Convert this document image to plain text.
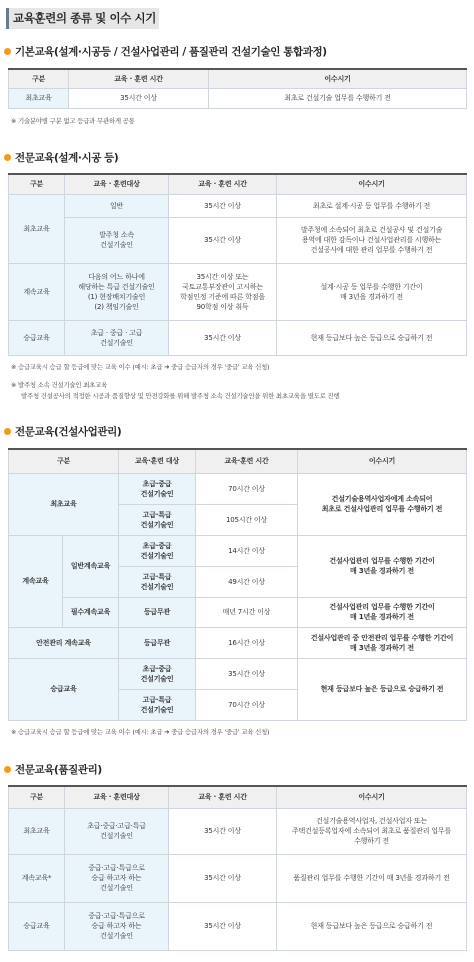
교육훈련의 종류 및 이수 시기
기본교육(설계·시공등 / 건설사업관리 / 품질관리 건설기술인 통합과정)
구분	교육 · 훈련 시간	이수시기
최초교육	35시간 이상	최초로 건설기술 업무를 수행하기 전
※ 기술분야별 구분 없고 등급과 무관하게 공통
전문교육(설계·시공 등)
구분	교육 · 훈련대상	교육 · 훈련 시간	이수시기
최초교육	일반	35시간 이상	최초로 설계·시공 등 업무를 수행하기 전
	발주청 소속
건설기술인	35시간 이상	발주청에 소속되어 최초로 건설공사 및 건설기술
용역에 대한 감독이나 건설사업관리를 시행하는
건설공사에 대한 관리 업무를 수행하기 전
계속교육	다음의 어느 하나에
해당하는 특급 건설기술인
(1) 현장배치기술인
(2) 책임기술인	35시간 이상 또는
국토교통부장관이 고시하는
학점인정 기준에 따른 학점을
90학점 이상 취득	설계·시공 등 업무를 수행한 기간이
매 3년을 경과하기 전
승급교육	초급 · 중급 · 고급
건설기술인	35시간 이상	현재 등급보다 높은 등급으로 승급하기 전
※ 승급교육시 승급 할 등급에 맞는 교육 이수 (예시: 초급 ➔ 중급 승급자의 경우 '중급' 교육 신청)
※ 발주청 소속 건설기술인 최초교육
발주청 건설공사의 적정한 시공과 품질향상 및 안전강화를 위해 발주청 소속 건설기술인을 위한 최초교육을 별도로 진행
전문교육(건설사업관리)
구분		교육·훈련 대상	교육·훈련 시간	이수시기
최초교육		초급·중급
건설기술인	70시간 이상	건설기술용역사업자에게 소속되어
최초로 건설사업관리 업무를 수행하기 전
		고급·특급
건설기술인	105시간 이상	
계속교육	일반계속교육	초급·중급
건설기술인	14시간 이상	건설사업관리 업무를 수행한 기간이
매 3년을 경과하기 전
		고급·특급
건설기술인	49시간 이상	
	필수계속교육	등급무관	매년 7시간 이상	건설사업관리 업무를 수행한 기간이
매 1년을 경과하기 전
안전관리 계속교육		등급무관	16시간 이상	건설사업관리 중 안전관리 업무를 수행한 기간이
매 3년을 경과하기 전
승급교육		초급·중급
건설기술인	35시간 이상	현재 등급보다 높은 등급으로 승급하기 전
		고급·특급
건설기술인	70시간 이상	
※ 승급교육시 승급 할 등급에 맞는 교육 이수 (예시: 초급 ➔ 중급 승급자의 경우 '중급' 교육 신청)
전문교육(품질관리)
구분	교육 · 훈련대상	교육 · 훈련 시간	이수시기
최초교육	초급·중급·고급·특급
건설기술인	35시간 이상	건설기술용역사업자, 건설사업자 또는
주택건설등록업자에 소속되어 최초로 품질관리 업무를
수행하기 전
계속교육*	중급·고급·특급으로
승급 하고자 하는
건설기술인	35시간 이상	품질관리 업무를 수행한 기간이 매 3년을 경과하기 전
승급교육	중급·고급·특급으로
승급 하고자 하는
건설기술인	35시간 이상	현재 등급보다 높은 등급으로 승급하기 전
